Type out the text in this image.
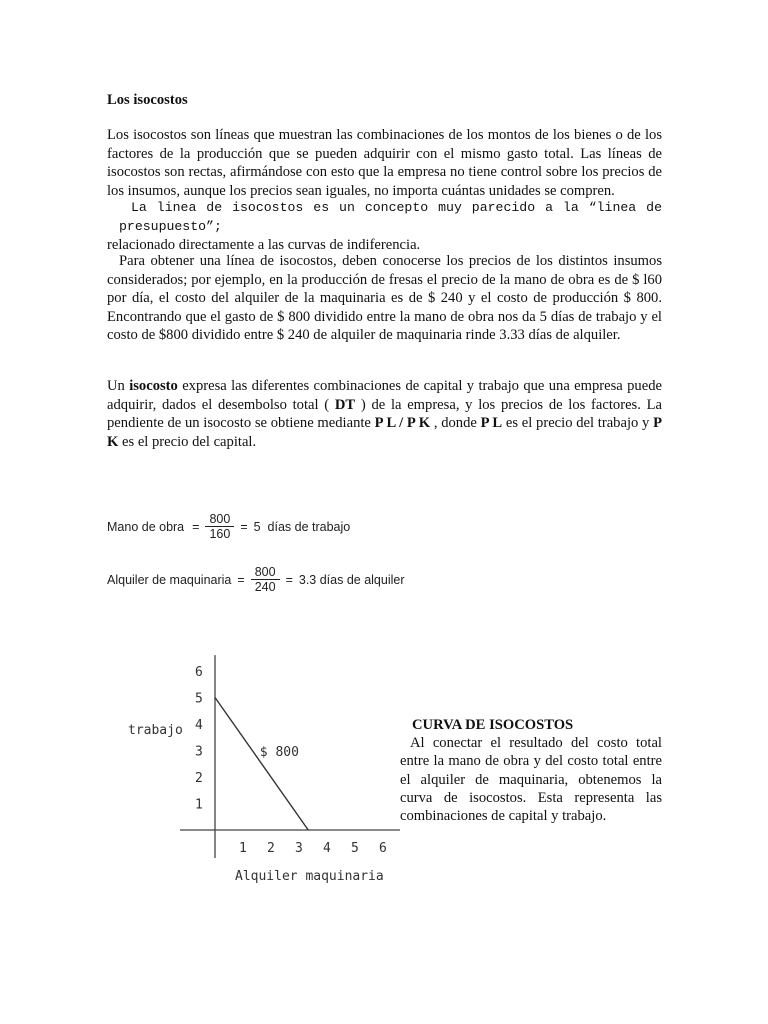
Los isocostos
Los isocostos son líneas que muestran las combinaciones de los montos de los bienes o de los factores de la producción que se pueden adquirir con el mismo gasto total. Las líneas de isocostos son rectas, afirmándose con esto que la empresa no tiene control sobre los precios de los insumos, aunque los precios sean iguales, no importa cuántas unidades se compren.
La linea de isocostos es un concepto muy parecido a la “linea de presupuesto”;
relacionado directamente a las curvas de indiferencia.
Para obtener una línea de isocostos, deben conocerse los precios de los distintos insumos considerados; por ejemplo, en la producción de fresas el precio de la mano de obra es de $ l60 por día, el costo del alquiler de la maquinaria es de $ 240 y el costo de producción $ 800. Encontrando que el gasto de $ 800 dividido entre la mano de obra nos da 5 días de trabajo y el costo de $800 dividido entre $ 240 de alquiler de maquinaria rinde 3.33 días de alquiler.
Un isocosto expresa las diferentes combinaciones de capital y trabajo que una empresa puede adquirir, dados el desembolso total ( DT ) de la empresa, y los precios de los factores. La pendiente de un isocosto se obtiene mediante P L / P K , donde P L es el precio del trabajo y P K es el precio del capital.
Mano de obra = $\frac{800}{160} = 5$  días de trabajo
Alquiler de maquinaria = $\frac{800}{240} = 3.3$ días de alquiler
1
2
3
4
5
6
1 2 3 4 5 6
trabajo
Alquiler maquinaria
$ 800
CURVA DE ISOCOSTOS
Al conectar el resultado del costo total entre la mano de obra y del costo total entre el alquiler de maquinaria, obtenemos la curva de isocostos. Esta representa las combinaciones de capital y trabajo.
